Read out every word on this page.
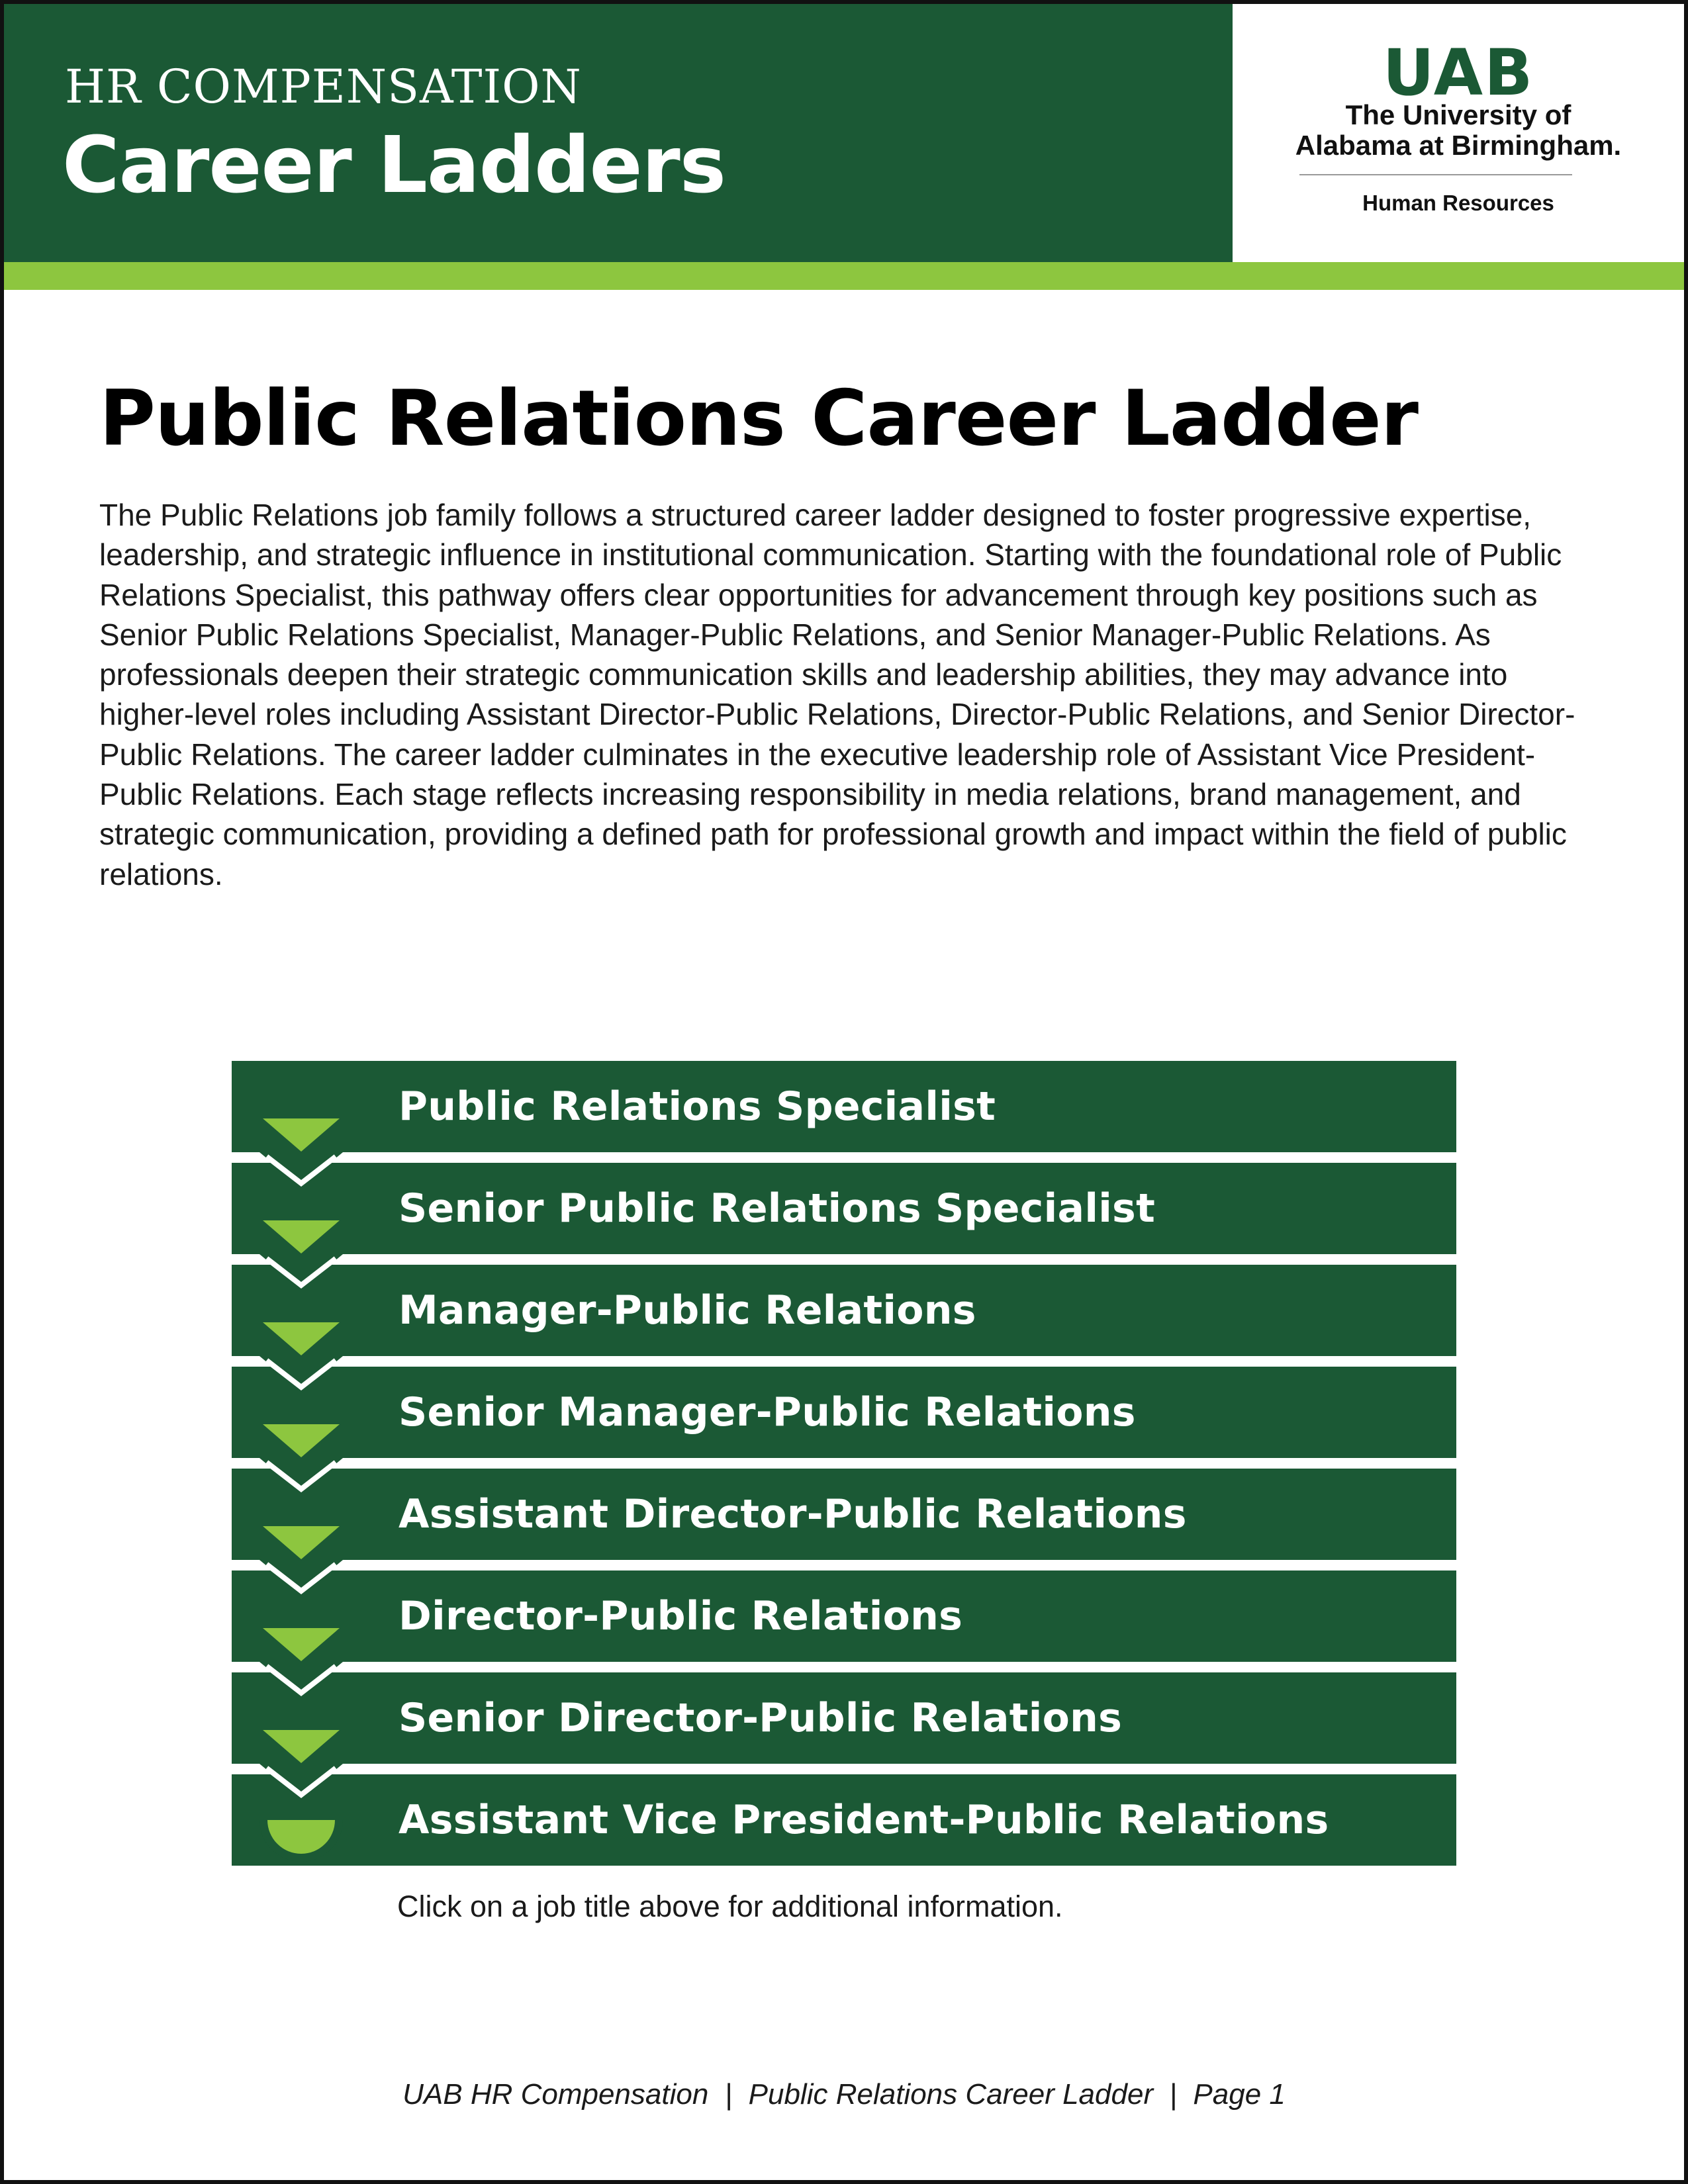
HR COMPENSATION
Career Ladders
UAB
The University of
Alabama at Birmingham.
Human Resources
Public Relations Career Ladder

The Public Relations job family follows a structured career ladder designed to foster progressive expertise, leadership, and strategic influence in institutional communication. Starting with the foundational role of Public Relations Specialist, this pathway offers clear opportunities for advancement through key positions such as Senior Public Relations Specialist, Manager-Public Relations, and Senior Manager-Public Relations. As professionals deepen their strategic communication skills and leadership abilities, they may advance into higher-level roles including Assistant Director-Public Relations, Director-Public Relations, and Senior Director-Public Relations. The career ladder culminates in the executive leadership role of Assistant Vice President-Public Relations. Each stage reflects increasing responsibility in media relations, brand management, and strategic communication, providing a defined path for professional growth and impact within the field of public relations.

Public Relations Specialist
Senior Public Relations Specialist
Manager-Public Relations
Senior Manager-Public Relations
Assistant Director-Public Relations
Director-Public Relations
Senior Director-Public Relations
Assistant Vice President-Public Relations
Click on a job title above for additional information.
UAB HR Compensation  |  Public Relations Career Ladder  |  Page 1
